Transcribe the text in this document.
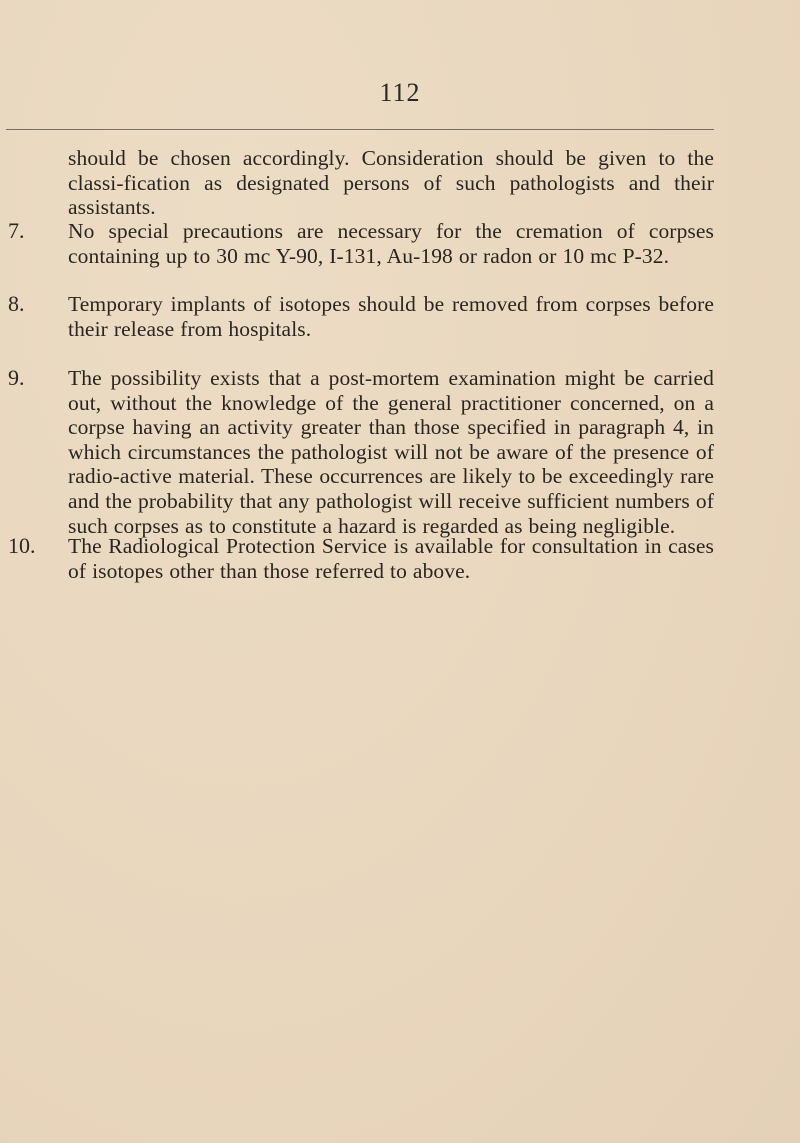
112
should be chosen accordingly. Consideration should be given to the classi-fication as designated persons of such pathologists and their assistants.
7. No special precautions are necessary for the cremation of corpses containing up to 30 mc Y-90, I-131, Au-198 or radon or 10 mc P-32.
8. Temporary implants of isotopes should be removed from corpses before their release from hospitals.
9. The possibility exists that a post-mortem examination might be carried out, without the knowledge of the general practitioner concerned, on a corpse having an activity greater than those specified in paragraph 4, in which circumstances the pathologist will not be aware of the presence of radio-active material. These occurrences are likely to be exceedingly rare and the probability that any pathologist will receive sufficient numbers of such corpses as to constitute a hazard is regarded as being negligible.
10. The Radiological Protection Service is available for consultation in cases of isotopes other than those referred to above.
